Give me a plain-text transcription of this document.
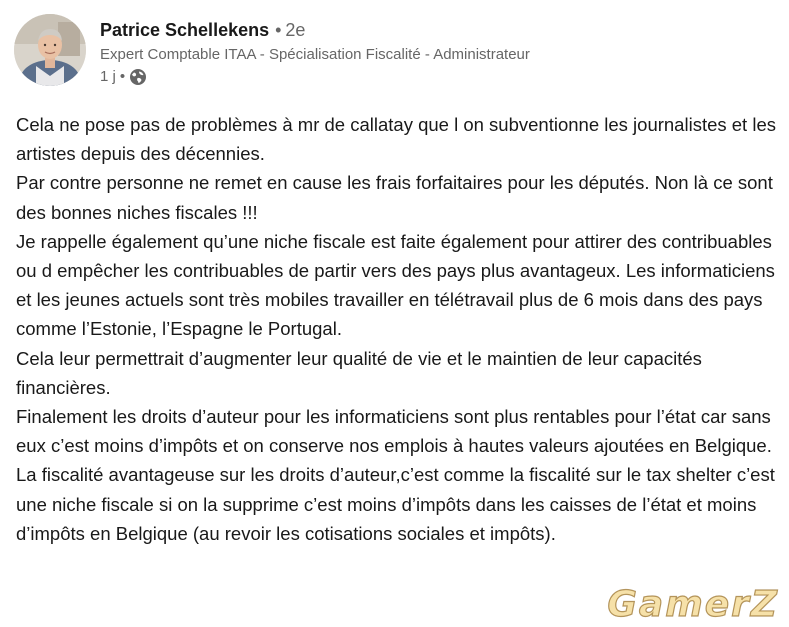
Patrice Schellekens • 2e
Expert Comptable ITAA - Spécialisation Fiscalité - Administrateur
1 j •

Cela ne pose pas de problèmes à mr de callatay que l on subventionne les journalistes et les artistes depuis des décennies.

Par contre personne ne remet en cause les frais forfaitaires pour les députés. Non là ce sont des bonnes niches fiscales !!!

Je rappelle également qu’une niche fiscale est faite également pour attirer des contribuables ou d empêcher les contribuables de partir vers des pays plus avantageux. Les informaticiens et les jeunes actuels sont très mobiles travailler en télétravail plus de 6 mois dans des pays comme l’Estonie, l’Espagne le Portugal.

Cela leur permettrait d’augmenter leur qualité de vie et le maintien de leur capacités financières.

Finalement les droits d’auteur pour les informaticiens sont plus rentables pour l’état car sans eux c’est moins d’impôts et on conserve nos emplois à hautes valeurs ajoutées en Belgique.

La fiscalité avantageuse sur les droits d’auteur,c’est comme la fiscalité sur le tax shelter c’est une niche fiscale si on la supprime c’est moins d’impôts dans les caisses de l’état et moins d’impôts en Belgique (au revoir les cotisations sociales et impôts).

GamerZ
